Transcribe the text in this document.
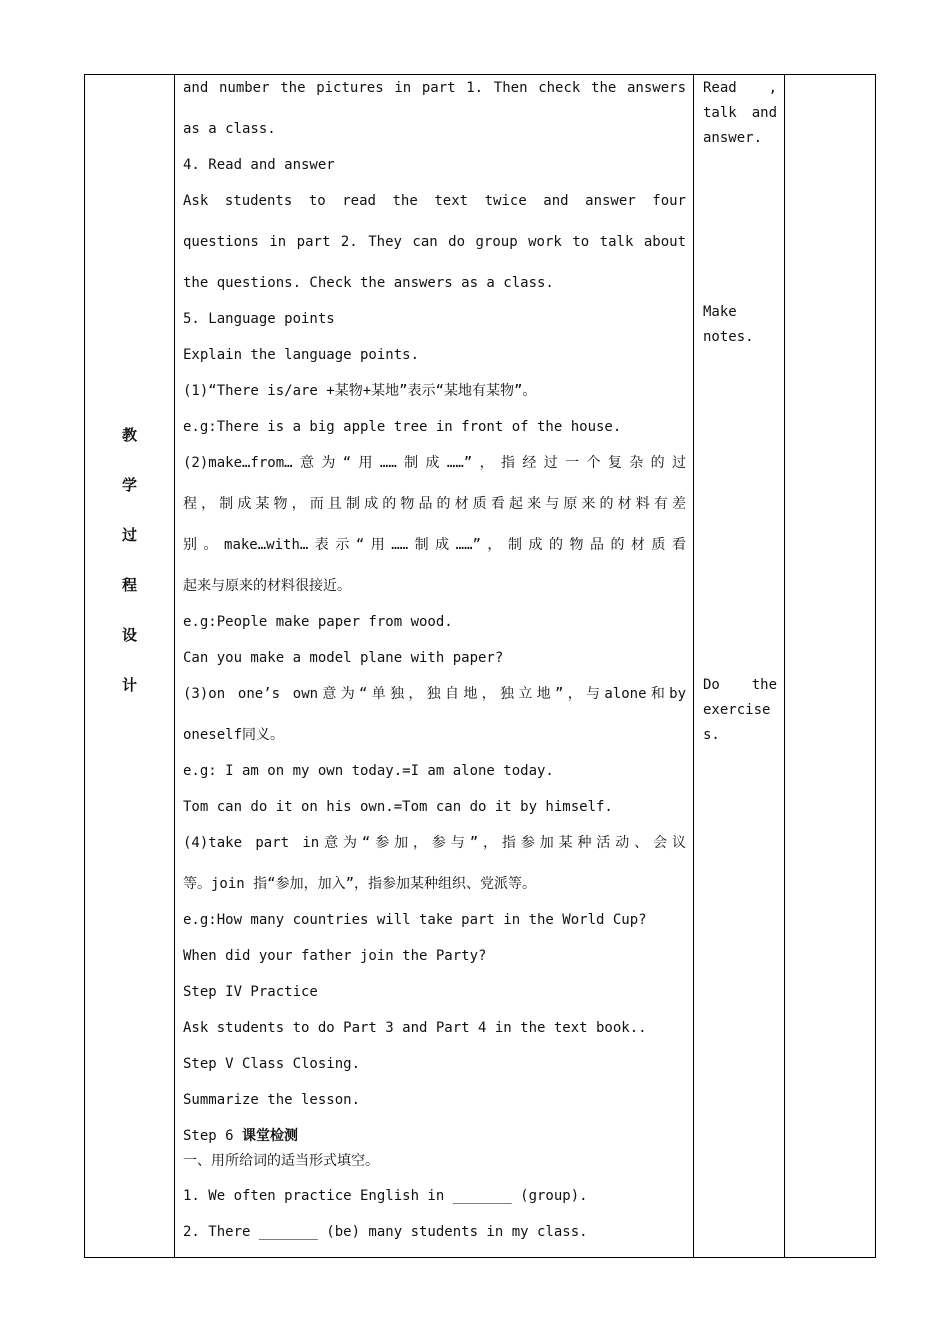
教
学
过
程
设
计
and number the pictures in part 1. Then check the answers
as a class.
4. Read and answer
Ask students to read the text twice and answer four
questions in part 2. They can do group work to talk about
the questions. Check the answers as a class.
5. Language points
Explain the language points.
(1)“There is/are +某物+某地”表示“某地有某物”。
e.g:There is a big apple tree in front of the house.
(2)make…from…意为“用……制成……”，指经过一个复杂的过
程，制成某物，而且制成的物品的材质看起来与原来的材料有差
别。make…with…表示“用……制成……”，制成的物品的材质看
起来与原来的材料很接近。
e.g:People make paper from wood.
Can you make a model plane with paper?
(3)on one’s own意为“单独，独自地，独立地”，与alone和by
oneself同义。
e.g: I am on my own today.=I am alone today.
Tom can do it on his own.=Tom can do it by himself.
(4)take part in意为“参加，参与”，指参加某种活动、会议
等。join 指“参加，加入”，指参加某种组织、党派等。
e.g:How many countries will take part in the World Cup?
When did your father join the Party?
Step IV Practice
Ask students to do Part 3 and Part 4 in the text book..
Step V Class Closing.
Summarize the lesson.
Step 6 课堂检测
一、用所给词的适当形式填空。
1. We often practice English in _______ (group).
2. There _______ (be) many students in my class.
Read ,
talk and
answer.
Make
notes.
Do the
exercise
s.
